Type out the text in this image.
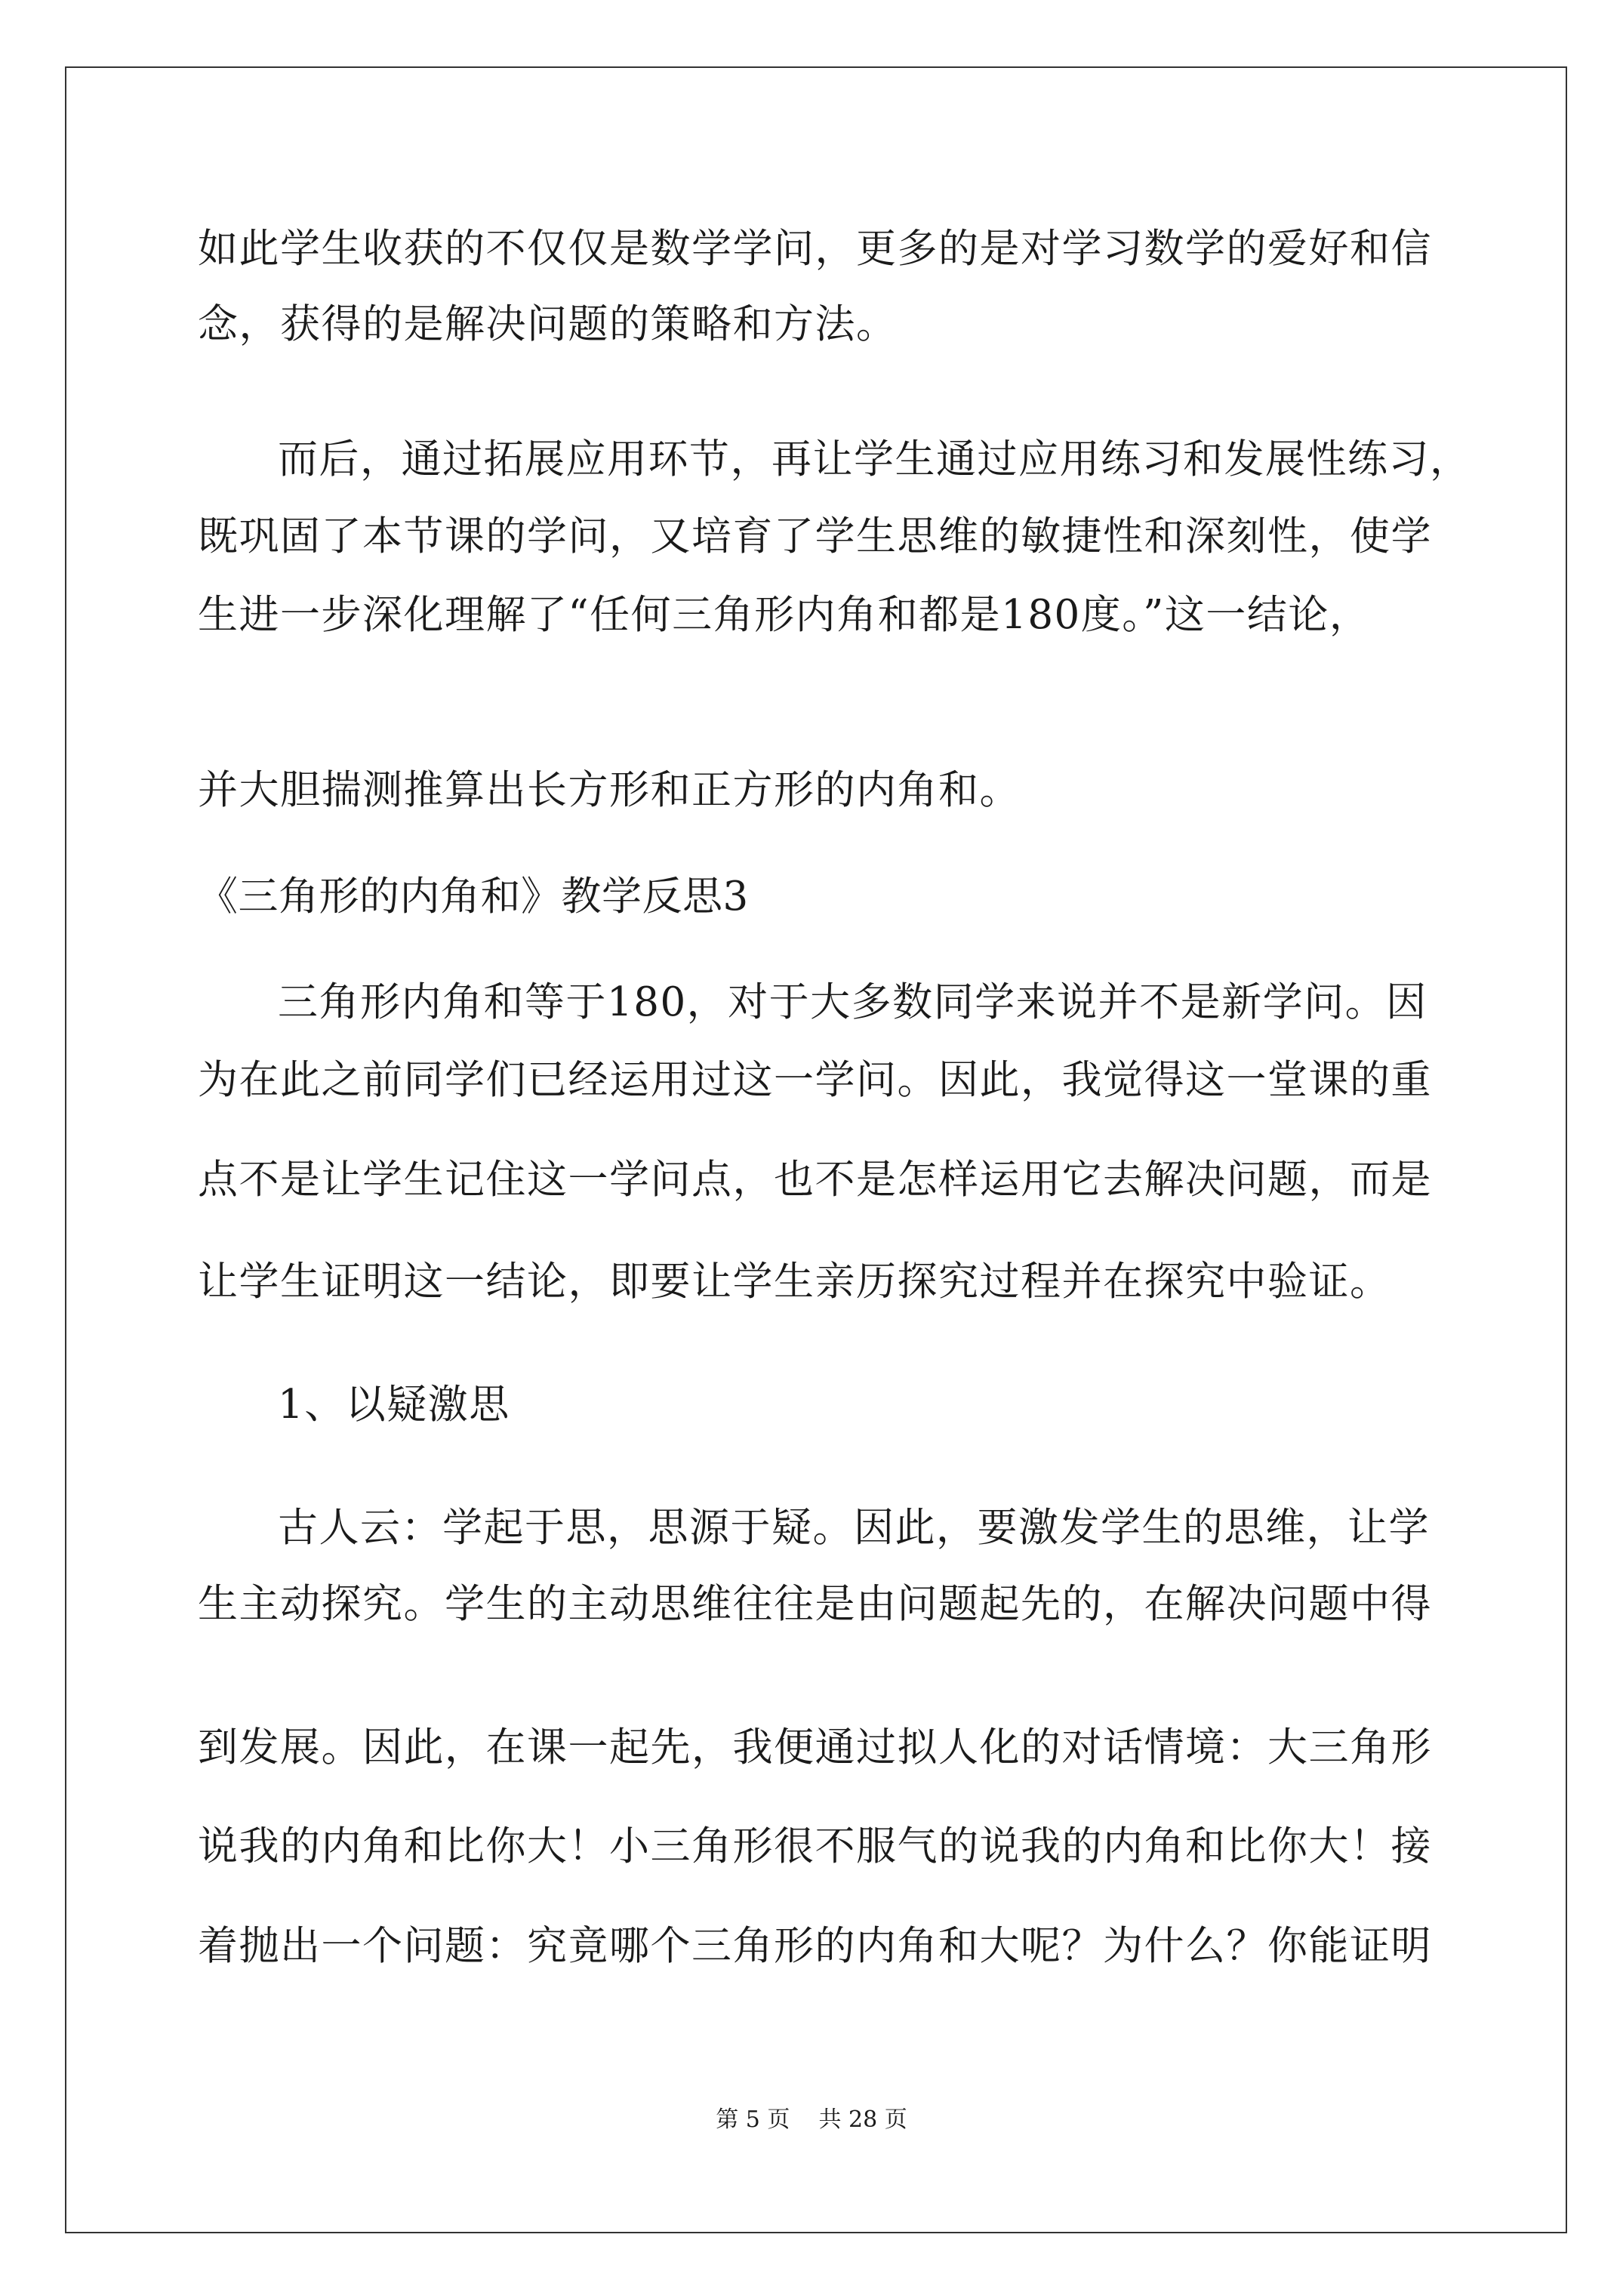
如此学生收获的不仅仅是数学学问，更多的是对学习数学的爱好和信
念，获得的是解决问题的策略和方法。
而后，通过拓展应用环节，再让学生通过应用练习和发展性练习，
既巩固了本节课的学问，又培育了学生思维的敏捷性和深刻性，使学
生进一步深化理解了“任何三角形内角和都是180度。”这一结论，
并大胆揣测推算出长方形和正方形的内角和。
《三角形的内角和》教学反思3
三角形内角和等于180，对于大多数同学来说并不是新学问。因
为在此之前同学们已经运用过这一学问。因此，我觉得这一堂课的重
点不是让学生记住这一学问点，也不是怎样运用它去解决问题，而是
让学生证明这一结论，即要让学生亲历探究过程并在探究中验证。
1、以疑激思
古人云：学起于思，思源于疑。因此，要激发学生的思维，让学
生主动探究。学生的主动思维往往是由问题起先的，在解决问题中得
到发展。因此，在课一起先，我便通过拟人化的对话情境：大三角形
说我的内角和比你大！小三角形很不服气的说我的内角和比你大！接
着抛出一个问题：究竟哪个三角形的内角和大呢？为什么？你能证明
第 5 页    共 28 页
